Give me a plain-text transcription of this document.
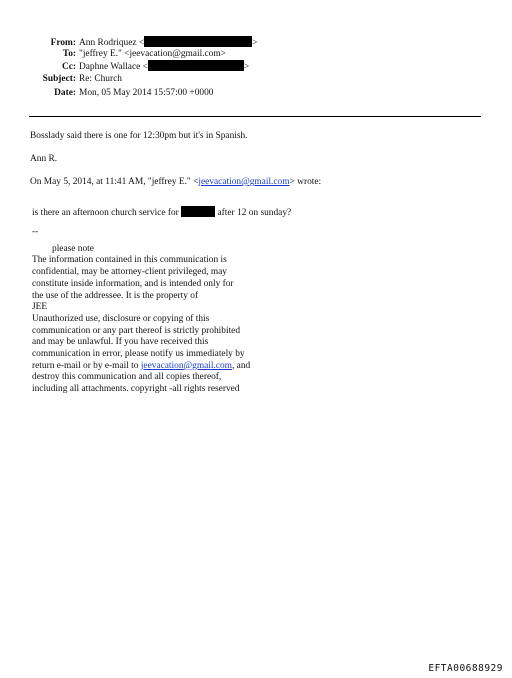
From: Ann Rodriquez <	>
To: "jeffrey E." <jeevacation@gmail.com>
Cc: Daphne Wallace <	>
Subject: Re: Church
Date: Mon, 05 May 2014 15:57:00 +0000
Bosslady said there is one for 12:30pm but it's in Spanish.
Ann R.
On May 5, 2014, at 11:41 AM, "jeffrey E." <jeevacation@gmail.com> wrote:
is there an afternoon church service for	after 12 on sunday?
--
please note
The information contained in this communication is
confidential, may be attorney-client privileged, may
constitute inside information, and is intended only for
the use of the addressee. It is the property of
JEE
Unauthorized use, disclosure or copying of this
communication or any part thereof is strictly prohibited
and may be unlawful. If you have received this
communication in error, please notify us immediately by
return e-mail or by e-mail to jeevacation@gmail.com, and
destroy this communication and all copies thereof,
including all attachments. copyright -all rights reserved
EFTA00688929
